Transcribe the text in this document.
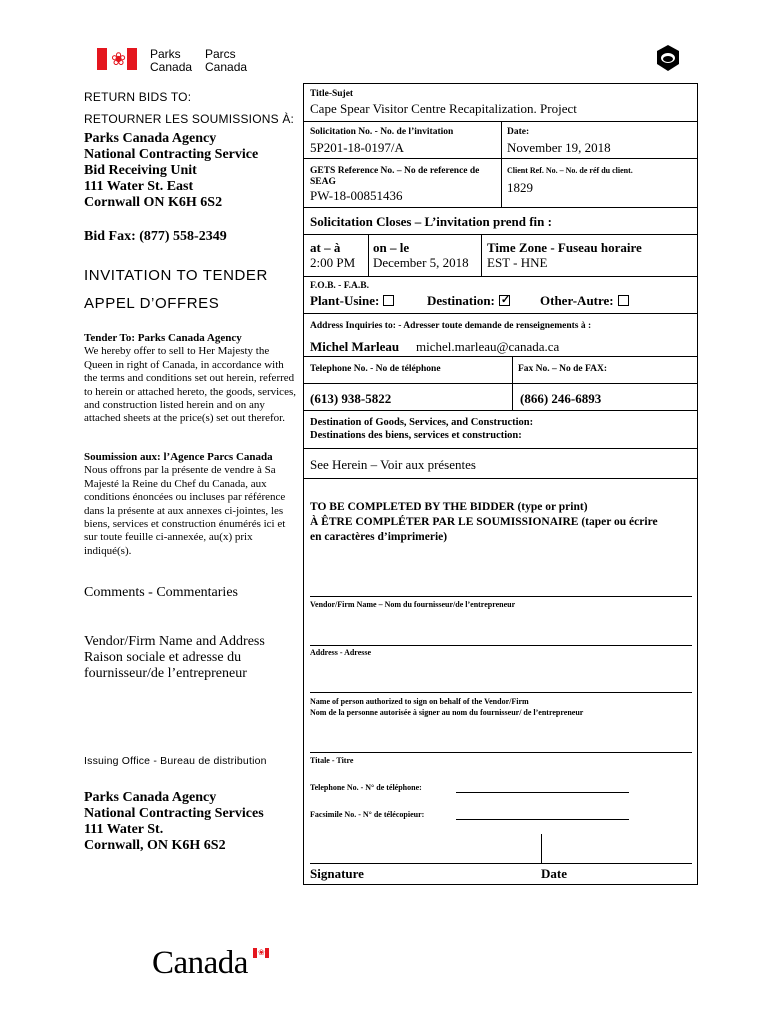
❀ Parks
Canada
Parcs
Canada
RETURN BIDS TO:
RETOURNER LES SOUMISSIONS À:
Parks Canada Agency
National Contracting Service
Bid Receiving Unit
111 Water St. East
Cornwall ON K6H 6S2
Bid Fax: (877) 558-2349
INVITATION TO TENDER
APPEL D’OFFRES
Tender To: Parks Canada Agency
We hereby offer to sell to Her Majesty the Queen in right of Canada, in accordance with the terms and conditions set out herein, referred to herein or attached hereto, the goods, services, and construction listed herein and on any attached sheets at the price(s) set out therefor.
Soumission aux: l’Agence Parcs Canada
Nous offrons par la présente de vendre à Sa Majesté la Reine du Chef du Canada, aux conditions énoncées ou incluses par référence dans la présente at aux annexes ci-jointes, les biens, services et construction énumérés ici et sur toute feuille ci-annexée, au(x) prix indiqué(s).
Comments - Commentaries
Vendor/Firm Name and Address
Raison sociale et adresse du
fournisseur/de l’entrepreneur
Issuing Office - Bureau de distribution
Parks Canada Agency
National Contracting Services
111 Water St.
Cornwall, ON K6H 6S2
Title-Sujet
Cape Spear Visitor Centre Recapitalization. Project
Solicitation No. - No. de l’invitation
5P201-18-0197/A
Date:
November 19, 2018
GETS Reference No. – No de reference de SEAG
PW-18-00851436
Client Ref. No. – No. de réf du client.
1829
Solicitation Closes – L’invitation prend fin :
at – à
2:00 PM
on – le
December 5, 2018
Time Zone - Fuseau horaire
EST - HNE
F.O.B. - F.A.B.
Plant-Usine:	Destination:✓	Other-Autre:
Address Inquiries to: - Adresser toute demande de renseignements à :
Michel Marleau michel.marleau@canada.ca
Telephone No. - No de téléphone	Fax No. – No de FAX:
(613) 938-5822	(866) 246-6893
Destination of Goods, Services, and Construction:
Destinations des biens, services et construction:
See Herein – Voir aux présentes
TO BE COMPLETED BY THE BIDDER (type or print)
À ÊTRE COMPLÉTER PAR LE SOUMISSIONAIRE (taper ou écrire
en caractères d’imprimerie)
Vendor/Firm Name – Nom du fournisseur/de l’entrepreneur
Address - Adresse
Name of person authorized to sign on behalf of the Vendor/Firm
Nom de la personne autorisée à signer au nom du fournisseur/ de l’entrepreneur
Titale - Titre
Telephone No. - N° de téléphone:
Facsimile No. - N° de télécopieur:
Signature	Date
Canada ❀
